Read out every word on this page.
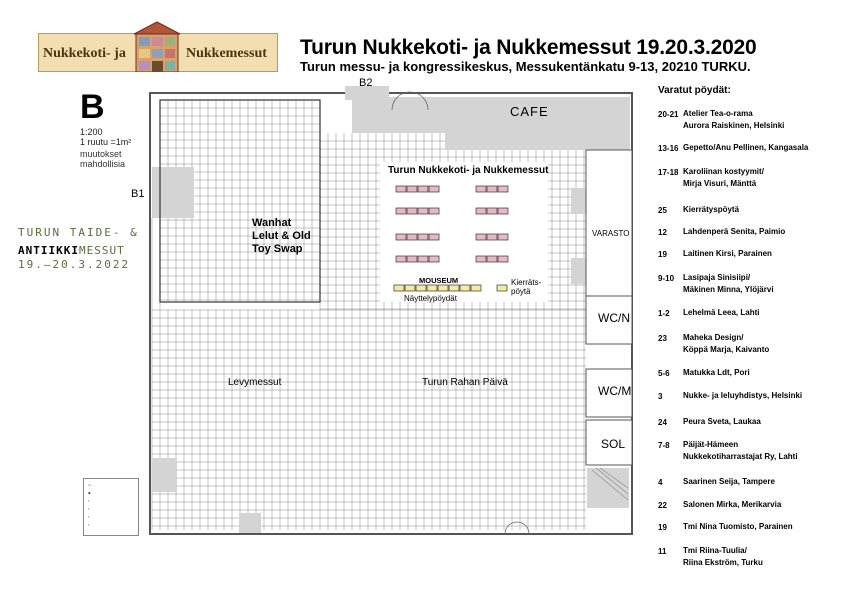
Nukkekoti- ja	Nukkemessut Turun Nukkekoti- ja Nukkemessut 19.20.3.2020
Turun messu- ja kongressikeskus, Messukentänkatu 9-13, 20210 TURKU.
B
1:200
1 ruutu =1m²
muutokset mahdollisia
TURUN TAIDE- &
ANTIIKKIMESSUT
19.–20.3.2022
CAFE
B2
B1
VARASTO
WC/N
WC/M
SOL
Wanhat Lelut & Old Toy Swap
Levymessut	Turun Rahan Päivä
Turun Nukkekoti- ja Nukkemessut
MOUSEUM
Näyttelypöydät
Kierräts-
pöytä
▭
◆
▪
▪
▪
▪
Varatut pöydät:
20-21 Atelier Tea-o-rama
Aurora Raiskinen, Helsinki
13-16 Gepetto/Anu Pellinen, Kangasala
17-18 Karoliinan kostyymit/
Mirja Visuri, Mänttä
25 Kierrätyspöytä
12 Lahdenperä Senita, Paimio
19 Laitinen Kirsi, Parainen
9-10 Lasipaja Sinisiipi/
Mäkinen Minna, Ylöjärvi
1-2 Lehelmä Leea, Lahti
23 Maheka Design/
Köppä Marja, Kaivanto
5-6 Matukka Ldt, Pori
3	Nukke- ja leluyhdistys, Helsinki
24 Peura Sveta, Laukaa
7-8 Päijät-Hämeen
Nukkekotiharrastajat Ry, Lahti
4	Saarinen Seija, Tampere
22 Salonen Mirka, Merikarvia
19 Tmi Nina Tuomisto, Parainen
11 Tmi Riina-Tuulia/
Riina Ekström, Turku
